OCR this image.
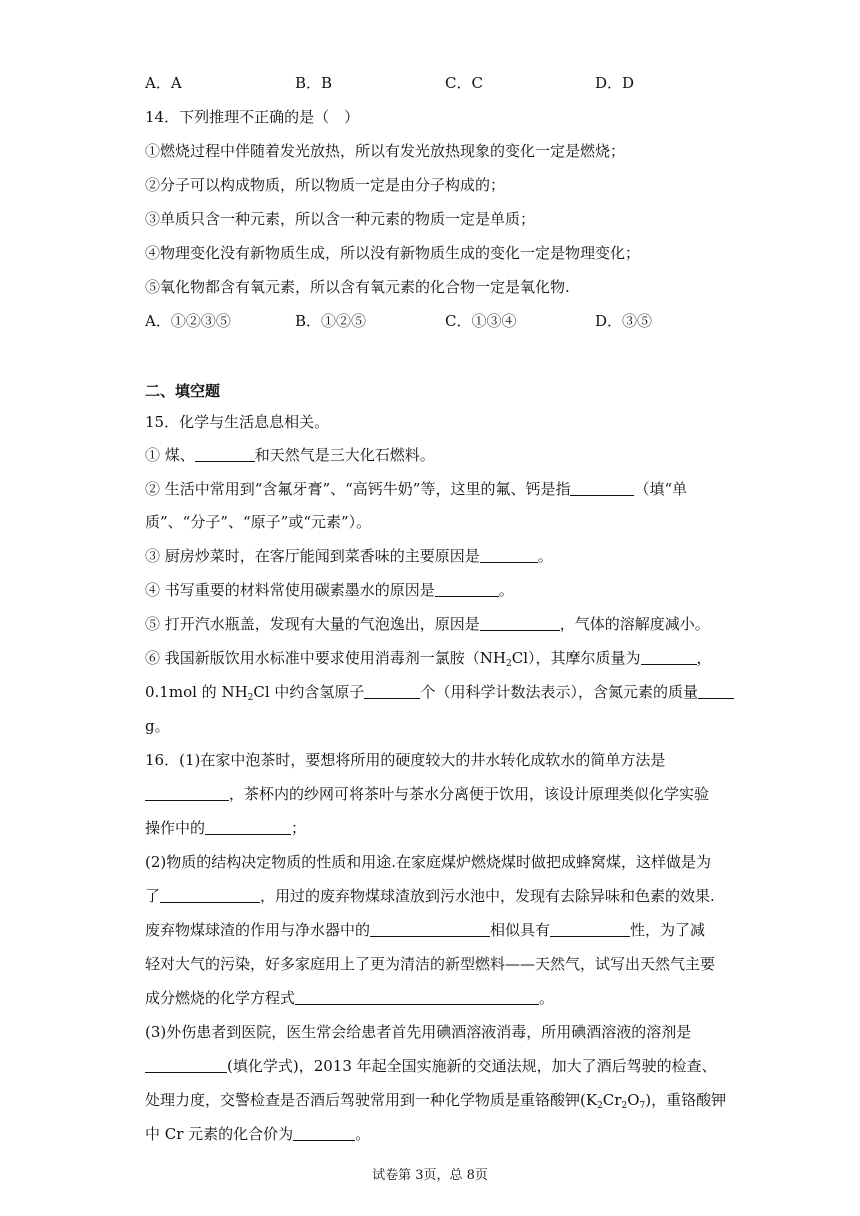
A．A	B．B	C．C	D．D
14．下列推理不正确的是（　）
①燃烧过程中伴随着发光放热，所以有发光放热现象的变化一定是燃烧；
②分子可以构成物质，所以物质一定是由分子构成的；
③单质只含一种元素，所以含一种元素的物质一定是单质；
④物理变化没有新物质生成，所以没有新物质生成的变化一定是物理变化；
⑤氧化物都含有氧元素，所以含有氧元素的化合物一定是氧化物.
A．①②③⑤	B．①②⑤	C．①③④	D．③⑤
二、填空题
15．化学与生活息息相关。
① 煤、	和天然气是三大化石燃料。
② 生活中常用到“含氟牙膏”、“高钙牛奶”等，这里的氟、钙是指	（填“单
质”、“分子”、“原子”或“元素”）。
③ 厨房炒菜时，在客厅能闻到菜香味的主要原因是	。
④ 书写重要的材料常使用碳素墨水的原因是	。
⑤ 打开汽水瓶盖，发现有大量的气泡逸出，原因是	，气体的溶解度减小。
⑥ 我国新版饮用水标准中要求使用消毒剂一氯胺$(NH_2Cl)$，其摩尔质量为	，
0.1mol 的 $NH_2Cl$ 中约含氢原子	个（用科学计数法表示），含氮元素的质量
g。
16．(1)在家中泡茶时，要想将所用的硬度较大的井水转化成软水的简单方法是
，茶杯内的纱网可将茶叶与茶水分离便于饮用，该设计原理类似化学实验
操作中的	；
(2)物质的结构决定物质的性质和用途.在家庭煤炉燃烧煤时做把成蜂窝煤，这样做是为
了	，用过的废弃物煤球渣放到污水池中，发现有去除异味和色素的效果.
废弃物煤球渣的作用与净水器中的	相似具有	性，为了减
轻对大气的污染，好多家庭用上了更为清洁的新型燃料——天然气，试写出天然气主要
成分燃烧的化学方程式	。
(3)外伤患者到医院，医生常会给患者首先用碘酒溶液消毒，所用碘酒溶液的溶剂是
(填化学式)，2013 年起全国实施新的交通法规，加大了酒后驾驶的检查、
处理力度，交警检查是否酒后驾驶常用到一种化学物质是重铬酸钾$(K_2Cr_2O_7)$，重铬酸钾
中 Cr 元素的化合价为	。
试卷第 3页，总 8页
